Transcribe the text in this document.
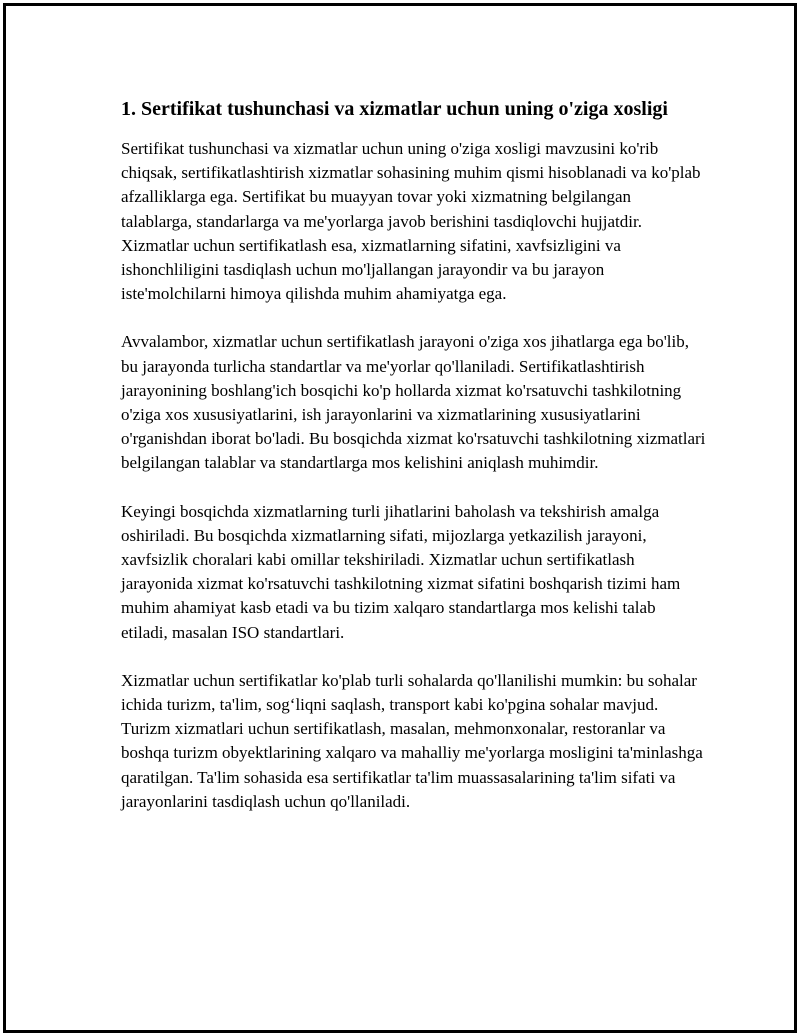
1. Sertifikat tushunchasi va xizmatlar uchun uning o'ziga xosligi

Sertifikat tushunchasi va xizmatlar uchun uning o'ziga xosligi mavzusini ko'rib chiqsak, sertifikatlashtirish xizmatlar sohasining muhim qismi hisoblanadi va ko'plab afzalliklarga ega. Sertifikat bu muayyan tovar yoki xizmatning belgilangan talablarga, standarlarga va me'yorlarga javob berishini tasdiqlovchi hujjatdir. Xizmatlar uchun sertifikatlash esa, xizmatlarning sifatini, xavfsizligini va ishonchliligini tasdiqlash uchun mo'ljallangan jarayondir va bu jarayon iste'molchilarni himoya qilishda muhim ahamiyatga ega.

Avvalambor, xizmatlar uchun sertifikatlash jarayoni o'ziga xos jihatlarga ega bo'lib, bu jarayonda turlicha standartlar va me'yorlar qo'llaniladi. Sertifikatlashtirish jarayonining boshlang'ich bosqichi ko'p hollarda xizmat ko'rsatuvchi tashkilotning o'ziga xos xususiyatlarini, ish jarayonlarini va xizmatlarining xususiyatlarini o'rganishdan iborat bo'ladi. Bu bosqichda xizmat ko'rsatuvchi tashkilotning xizmatlari belgilangan talablar va standartlarga mos kelishini aniqlash muhimdir.

Keyingi bosqichda xizmatlarning turli jihatlarini baholash va tekshirish amalga oshiriladi. Bu bosqichda xizmatlarning sifati, mijozlarga yetkazilish jarayoni, xavfsizlik choralari kabi omillar tekshiriladi. Xizmatlar uchun sertifikatlash jarayonida xizmat ko'rsatuvchi tashkilotning xizmat sifatini boshqarish tizimi ham muhim ahamiyat kasb etadi va bu tizim xalqaro standartlarga mos kelishi talab etiladi, masalan ISO standartlari.

Xizmatlar uchun sertifikatlar ko'plab turli sohalarda qo'llanilishi mumkin: bu sohalar ichida turizm, ta'lim, sog‘liqni saqlash, transport kabi ko'pgina sohalar mavjud. Turizm xizmatlari uchun sertifikatlash, masalan, mehmonxonalar, restoranlar va boshqa turizm obyektlarining xalqaro va mahalliy me'yorlarga mosligini ta'minlashga qaratilgan. Ta'lim sohasida esa sertifikatlar ta'lim muassasalarining ta'lim sifati va jarayonlarini tasdiqlash uchun qo'llaniladi.
